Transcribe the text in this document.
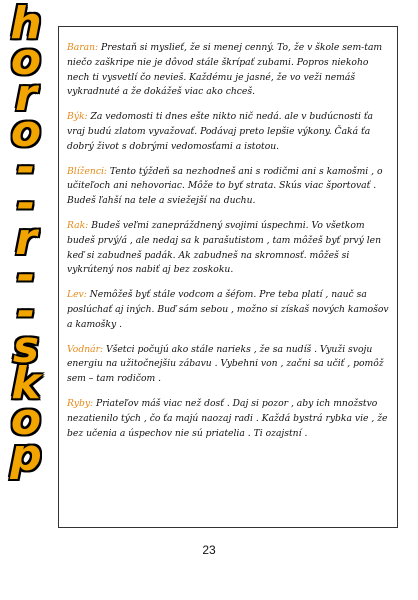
h
o
r
o
-
-
r
-
-
s
k
o
p

Baran: Prestaň si myslieť, že si menej cenný. To, že v škole sem-tam niečo zaškripe nie je dôvod stále škrípať zubami. Popros niekoho nech ti vysvetlí čo nevieš. Každému je jasné, že vo veži nemáš vykradnuté a že dokážeš viac ako chceš.

Býk: Za vedomosti ti dnes ešte nikto nič nedá. ale v budúcnosti ťa vraj budú zlatom vyvažovať. Podávaj preto lepšie výkony. Čaká ťa dobrý život s dobrými vedomosťami a istotou.

Blíženci: Tento týždeň sa nezhodneš ani s rodičmi ani s kamošmi , o učiteľoch ani nehovoriac. Môže to byť strata. Skús viac športovať . Budeš ľahší na tele a sviežejší na duchu.

Rak: Budeš veľmi zanepráždnený svojimi úspechmi. Vo všetkom budeš prvý/á , ale nedaj sa k parašutistom , tam môžeš byť prvý len keď si zabudneš padák. Ak zabudneš na skromnosť. môžeš si vykrútený nos nabiť aj bez zoskoku.

Lev: Nemôžeš byť stále vodcom a šéfom. Pre teba platí , nauč sa poslúchať aj iných. Buď sám sebou , možno si získaš nových kamošov a kamošky .

Vodnár: Všetci počujú ako stále narieks , že sa nudíš . Využi svoju energiu na užitočnejšiu zábavu . Vybehni von , začni sa učiť , pomôž sem – tam rodičom .

Ryby: Priateľov máš viac než dosť . Daj si pozor , aby ich množstvo nezatienilo tých , čo ťa majú naozaj radi . Každá bystrá rybka vie , že bez učenia a úspechov nie sú priatelia . Ti ozajstní .

23
